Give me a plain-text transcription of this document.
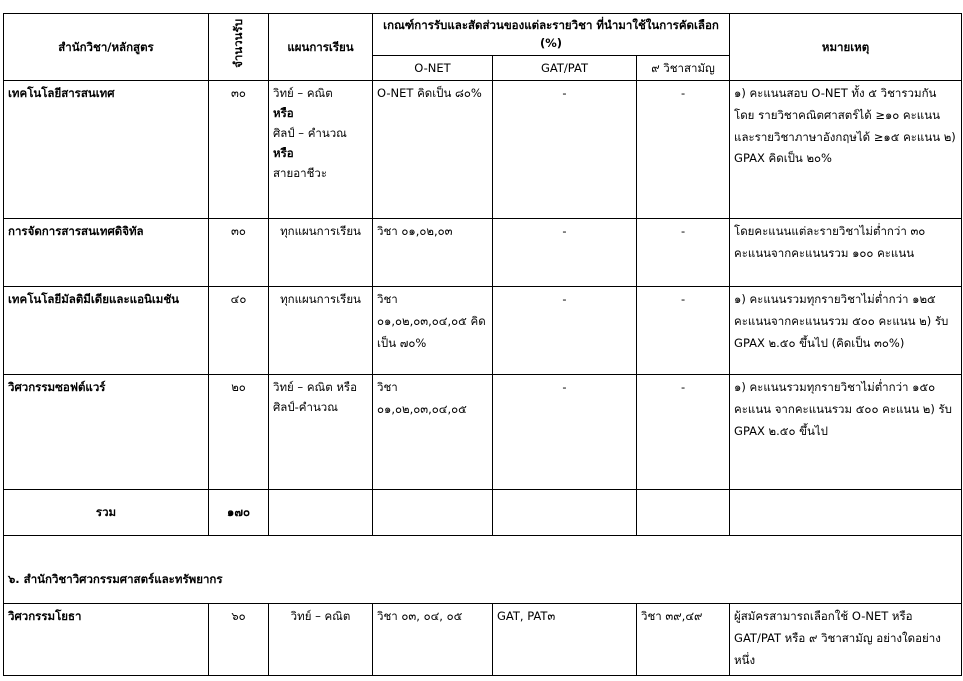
สำนักวิชา/หลักสูตร	จำนวนรับ	แผนการเรียน	เกณฑ์การรับและสัดส่วนของแต่ละรายวิชา ที่นำมาใช้ในการคัดเลือก (%)			หมายเหตุ
			O-NET	GAT/PAT	๙ วิชาสามัญ	
เทคโนโลยีสารสนเทศ	๓๐	วิทย์ – คณิต
หรือ
ศิลป์ – คำนวณ
หรือ
สายอาชีวะ	O-NET คิดเป็น ๘๐%	-	-	๑) คะแนนสอบ O-NET ทั้ง ๕ วิชารวมกัน โดย รายวิชาคณิตศาสตร์ได้ ≥๑๐ คะแนน และรายวิชาภาษาอังกฤษได้ ≥๑๕ คะแนน ๒) GPAX คิดเป็น ๒๐%
การจัดการสารสนเทศดิจิทัล	๓๐	ทุกแผนการเรียน	วิชา ๐๑,๐๒,๐๓	-	-	โดยคะแนนแต่ละรายวิชาไม่ต่ำกว่า ๓๐ คะแนนจากคะแนนรวม ๑๐๐ คะแนน
เทคโนโลยีมัลติมีเดียและแอนิเมชัน	๔๐	ทุกแผนการเรียน	วิชา ๐๑,๐๒,๐๓,๐๔,๐๕ คิดเป็น ๗๐%	-	-	๑) คะแนนรวมทุกรายวิชาไม่ต่ำกว่า ๑๒๕ คะแนนจากคะแนนรวม ๕๐๐ คะแนน ๒) รับ GPAX ๒.๕๐ ขึ้นไป (คิดเป็น ๓๐%)
วิศวกรรมซอฟต์แวร์	๒๐	วิทย์ – คณิต หรือ ศิลป์-คำนวณ	วิชา ๐๑,๐๒,๐๓,๐๔,๐๕	-	-	๑) คะแนนรวมทุกรายวิชาไม่ต่ำกว่า ๑๕๐ คะแนน จากคะแนนรวม ๕๐๐ คะแนน ๒) รับ GPAX ๒.๕๐ ขึ้นไป
รวม	๑๗๐					
๖. สำนักวิชาวิศวกรรมศาสตร์และทรัพยากร						
วิศวกรรมโยธา	๖๐	วิทย์ – คณิต	วิชา ๐๓, ๐๔, ๐๕	GAT, PAT๓	วิชา ๓๙,๔๙	ผู้สมัครสามารถเลือกใช้ O-NET หรือ GAT/PAT หรือ ๙ วิชาสามัญ อย่างใดอย่างหนึ่ง
